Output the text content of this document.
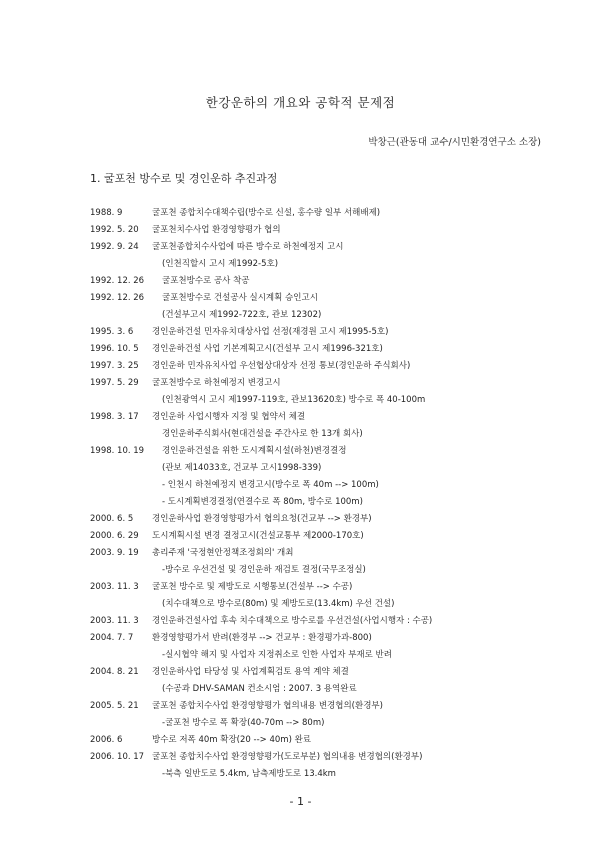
한강운하의 개요와 공학적 문제점
박창근(관동대 교수/시민환경연구소 소장)
1. 굴포천 방수로 및 경인운하 추진과정
1988. 9	굴포천 종합치수대책수립(방수로 신설, 홍수량 일부 서해배제)
1992. 5. 20 굴포천치수사업 환경영향평가 협의
1992. 9. 24 굴포천종합치수사업에 따른 방수로 하천예정지 고시
(인천직할시 고시 제1992-5호)
1992. 12. 26 굴포천방수로 공사 착공
1992. 12. 26 굴포천방수로 건설공사 실시계획 승인고시
(건설부고시 제1992-722호, 관보 12302)
1995. 3. 6 경인운하건설 민자유치대상사업 선정(재경원 고시 제1995-5호)
1996. 10. 5 경인운하건설 사업 기본계획고시(건설부 고시 제1996-321호)
1997. 3. 25 경인운하 민자유치사업 우선협상대상자 선정 통보(경인운하 주식회사)
1997. 5. 29 굴포천방수로 하천예정지 변경고시
(인천광역시 고시 제1997-119호, 관보13620호) 방수로 폭 40-100m
1998. 3. 17 경인운하 사업시행자 지정 및 협약서 체결
경인운하주식회사(현대건설을 주간사로 한 13개 회사)
1998. 10. 19 경인운하건설을 위한 도시계획시설(하천)변경결정
(관보 제14033호, 건교부 고시1998-339)
- 인천시 하천예정지 변경고시(방수로 폭 40m --> 100m)
- 도시계획변경결정(연결수로 폭 80m, 방수로 100m)
2000. 6. 5 경인운하사업 환경영향평가서 협의요청(건교부 --> 환경부)
2000. 6. 29 도시계획시설 변경 결정고시(건설교통부 제2000-170호)
2003. 9. 19 총리주재 '국정현안정책조정회의' 개최
-방수로 우선건설 및 경인운하 재검토 결정(국무조정실)
2003. 11. 3 굴포천 방수로 및 제방도로 시행통보(건설부 --> 수공)
(치수대책으로 방수로(80m) 및 제방도로(13.4km) 우선 건설)
2003. 11. 3 경인운하건설사업 후속 치수대책으로 방수로를 우선건설(사업시행자 : 수공)
2004. 7. 7 환경영향평가서 반려(환경부 --> 건교부 : 환경평가과-800)
-실시협약 해지 및 사업자 지정취소로 인한 사업자 부재로 반려
2004. 8. 21 경인운하사업 타당성 및 사업계획검토 용역 계약 체결
(수공과 DHV-SAMAN 컨소시엄 : 2007. 3 용역완료
2005. 5. 21 굴포천 종합치수사업 환경영향평가 협의내용 변경협의(환경부)
-굴포천 방수로 폭 확장(40-70m --> 80m)
2006. 6	방수로 저폭 40m 확장(20 --> 40m) 완료
2006. 10. 17 굴포천 종합치수사업 환경영향평가(도로부분) 협의내용 변경협의(환경부)
-북측 일반도로 5.4km, 남측제방도로 13.4km
- 1 -
